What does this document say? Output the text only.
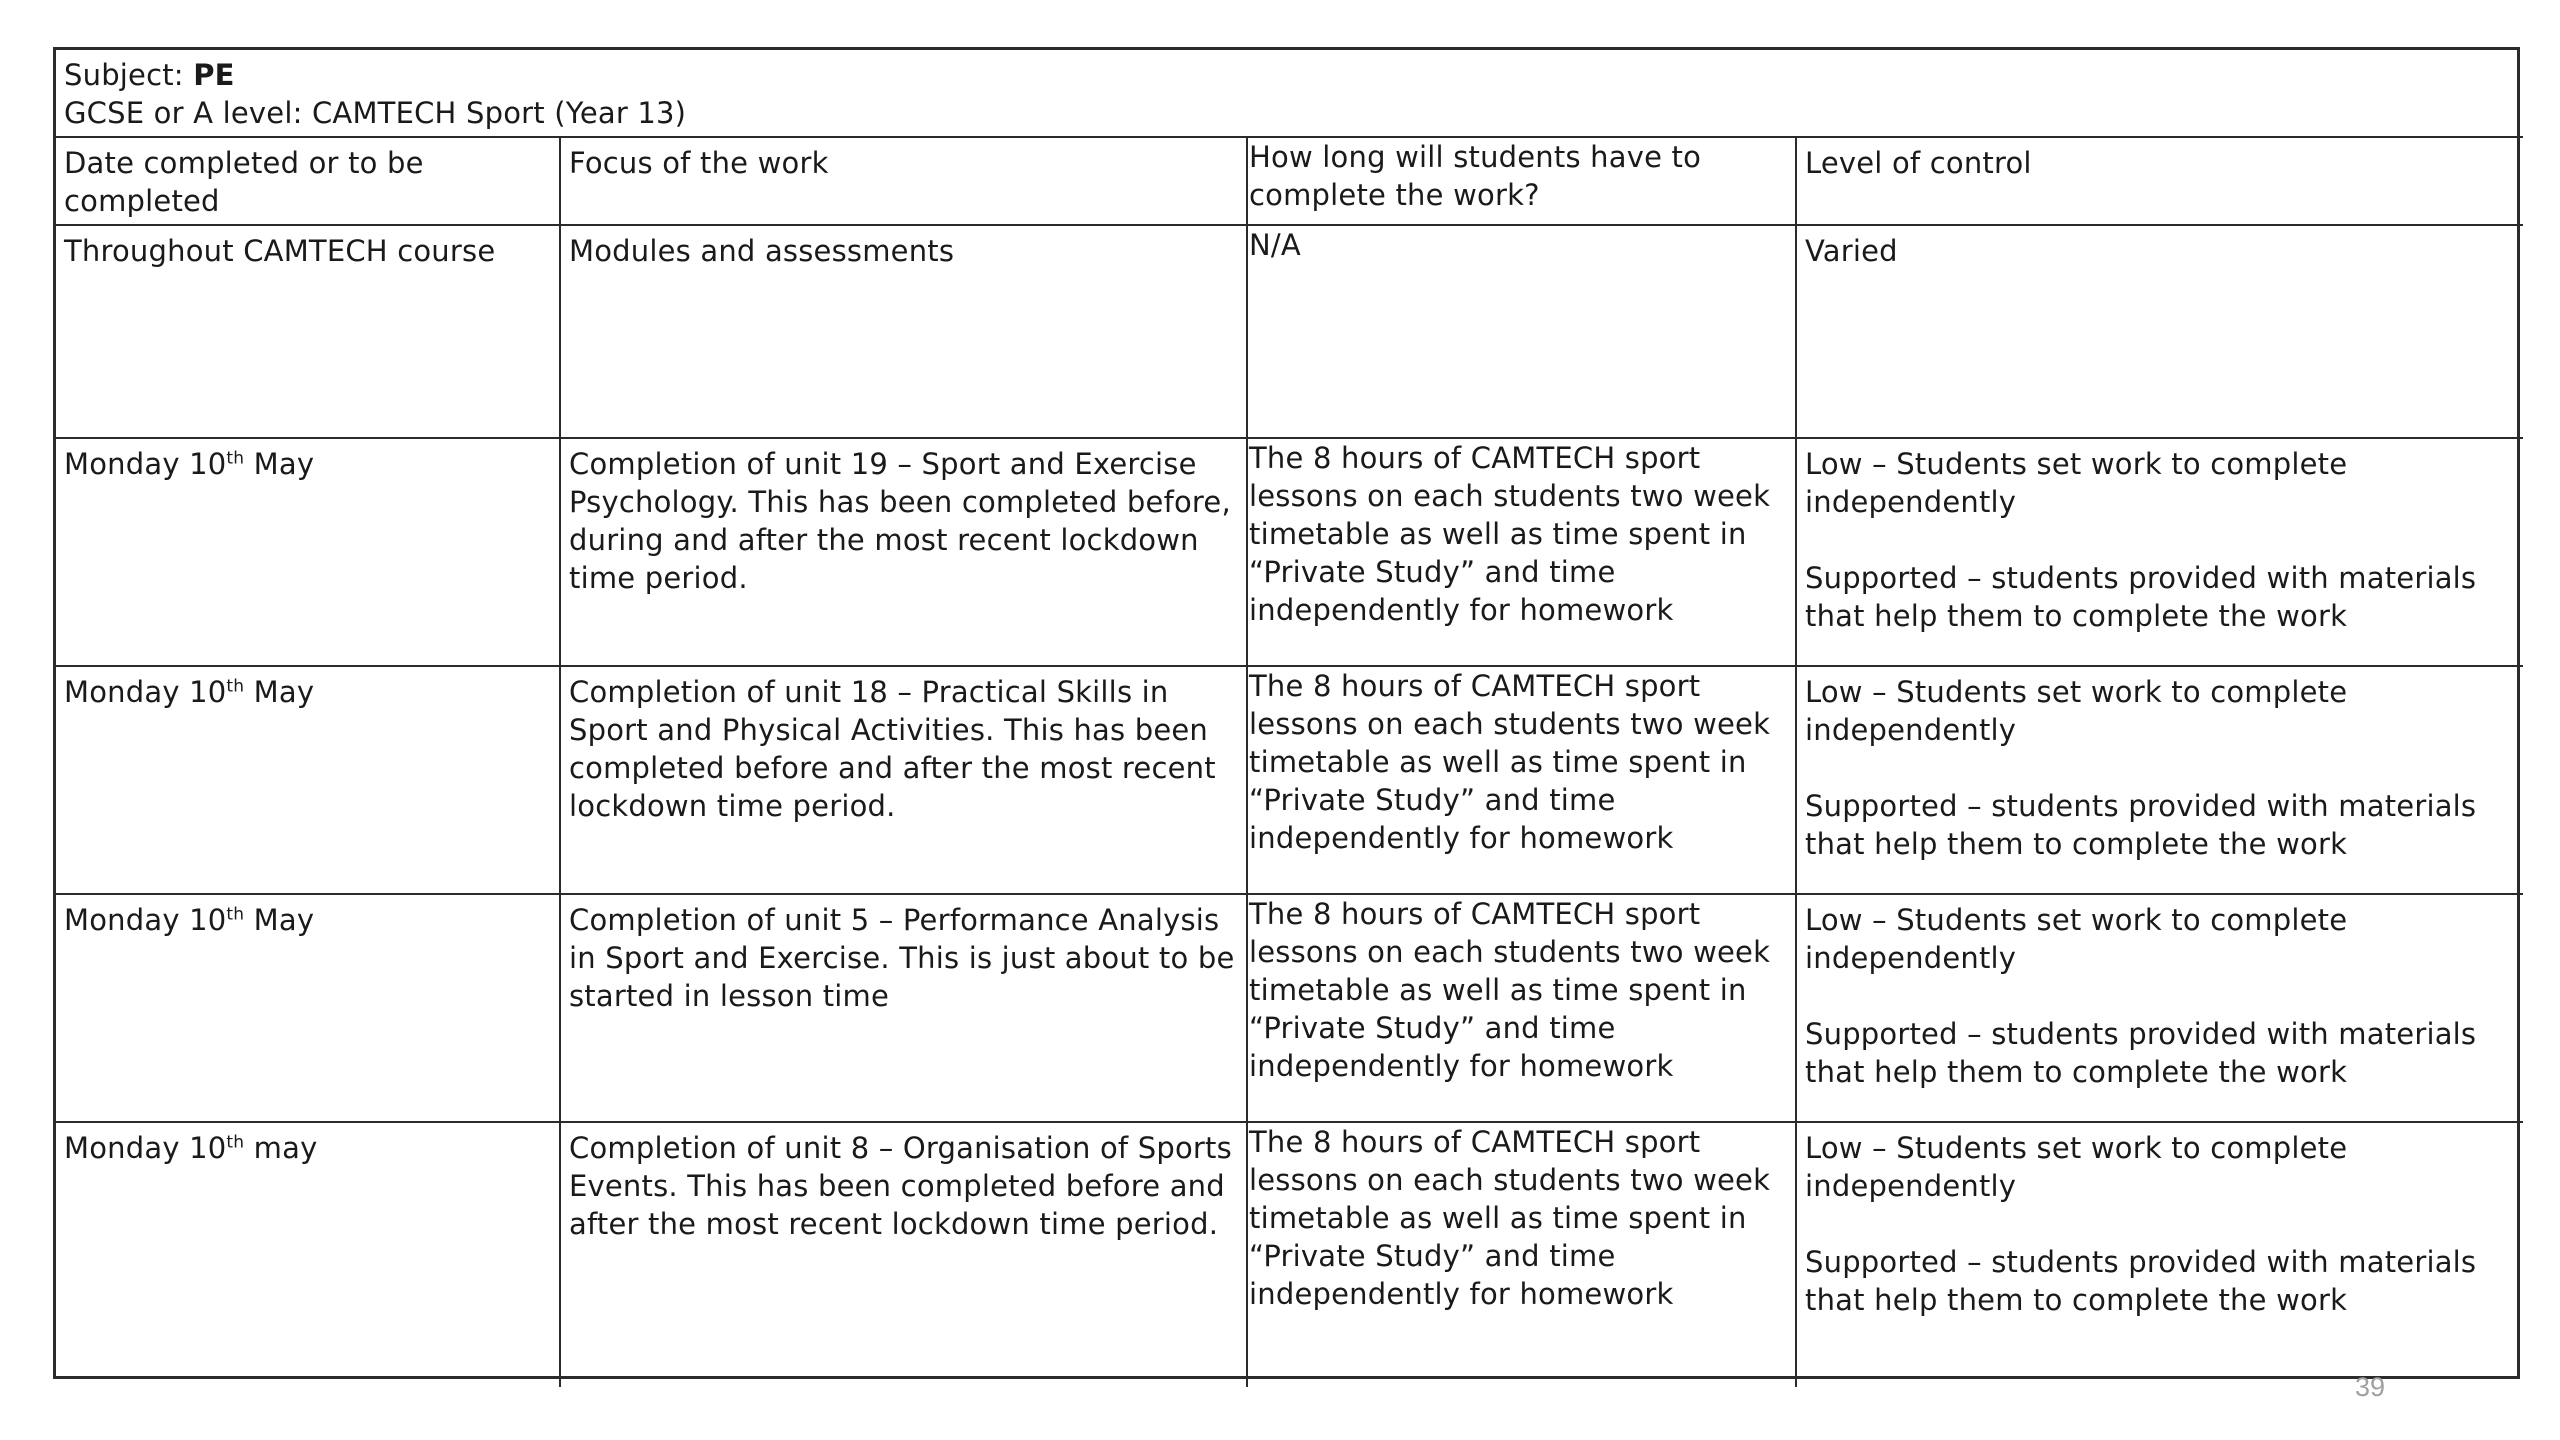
Subject: PE
GCSE or A level: CAMTECH Sport (Year 13)			

Date completed or to be completed	Focus of the work	How long will students have to complete the work?	Level of control
Throughout CAMTECH course	Modules and assessments	N/A	Varied

Monday 10th May	Completion of unit 19 – Sport and Exercise Psychology. This has been completed before, during and after the most recent lockdown time period.	The 8 hours of CAMTECH sport lessons on each students two week timetable as well as time spent in “Private Study” and time independently for homework	Low – Students set work to complete independently
Supported – students provided with materials that help them to complete the work

Monday 10th May	Completion of unit 18 – Practical Skills in Sport and Physical Activities. This has been completed before and after the most recent lockdown time period.	The 8 hours of CAMTECH sport lessons on each students two week timetable as well as time spent in “Private Study” and time independently for homework	Low – Students set work to complete independently
Supported – students provided with materials that help them to complete the work

Monday 10th May	Completion of unit 5 – Performance Analysis in Sport and Exercise. This is just about to be started in lesson time	The 8 hours of CAMTECH sport lessons on each students two week timetable as well as time spent in “Private Study” and time independently for homework	Low – Students set work to complete independently
Supported – students provided with materials that help them to complete the work

Monday 10th may	Completion of unit 8 – Organisation of Sports Events. This has been completed before and after the most recent lockdown time period.	The 8 hours of CAMTECH sport lessons on each students two week timetable as well as time spent in “Private Study” and time independently for homework	Low – Students set work to complete independently
Supported – students provided with materials that help them to complete the work
39
